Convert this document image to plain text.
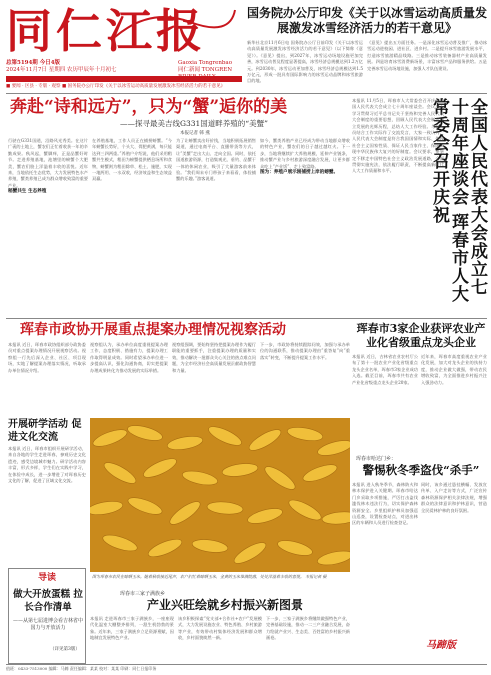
同仁江报
总第5194期 今日4版
2024年11月7日 星期四 农历甲辰年十月初七
Gaoxia Tongrenbao
同仁新闻 TONGREN
■ 要闻 · 区县 · 专版 · 观察 ■ 国务院办公厅印发《关于以冰雪运动高质量发展激发冰雪经济活力的若干意见》
国务院办公厅印发《关于以冰雪运动高质量发展激发冰雪经济活力的若干意见》
新华社北京11月6日电 国务院办公厅日前印发《关于以冰雪运动高质量发展激发冰雪经济活力的若干意见》（以下简称《意见》）。《意见》提出，到2027年，冰雪运动场地设施更加完善，冰雪运动普及程度显著提高，冰雪经济总规模达到1.2万亿元。到2030年，冰雪运动更加普及，冰雪经济总规模达到1.5万亿元，形成一批具有国际影响力的冰雪运动品牌和冰雪旅游目的地。
《意见》提出五方面任务。一是深化冰雪运动普及推广，推动冰雪运动进校园、进社区、进乡村。二是提升冰雪旅游发展水平，打造冰雪旅游精品线路。三是推动冰雪装备器材产业高质量发展。四是培育冰雪消费新场景，丰富冰雪产品和服务供给。五是完善冰雪运动场地设施，加强人才队伍建设。
奔赴“诗和远方”，只为“蟹”逅你的美
——探寻最美吉线G331国道畔养殖的“美蟹”
本报记者 韩 燕
行驶在G331国道，沿路风光秀美。在这片广袤的土地上，蟹农们正忙着收获一年的辛勤成果。秋风起，蟹脚痒，正是品蟹好时节。走进养殖基地，池塘里的螃蟹个大肥美，蟹农们脸上洋溢着丰收的喜悦。近年来，当地依托生态优势，大力发展特色水产养殖，蟹类养殖已成为群众增收致富的重要产业。
稻蟹共生 生态养殖
在养殖基地，工作人员正在捕捞螃蟹。“今年螃蟹长势好，个头大、膏肥黄满，每只能达到三四两重。”养殖户介绍说，他们采用稻蟹共生模式，稻田为螃蟹提供栖息场所和食物，螃蟹则为稻田除草、松土、施肥，实现一地两用、一水双收，经济效益和生态效益双赢。
为了让螃蟹卖出好价钱，当地积极拓展销售渠道，通过电商平台、直播带货等方式，让“美蟹”走出大山、走向全国。同时，依托国道旅游资源，打造集观光、垂钓、品蟹于一体的休闲农业，吸引了大量游客前来体验。“我们周末专门带孩子来看看，体验捕蟹的乐趣。”游客说道。
如今，蟹类养殖产业已经成为带动当地群众增收的特色产业，蟹农们的日子越过越红火。下一步，当地将继续扩大养殖规模，延伸产业链条，推动蟹产业与乡村旅游深度融合发展，让更多群众吃上“产业饭”、走上致富路。
图为：养殖户展示刚捕捞上岸的螃蟹。	全国人民代表大会成立七十周年座谈会 珲春市人大常委会召开庆祝
本报讯 11月5日，珲春市人大常委会召开庆祝全国人民代表大会成立七十周年座谈会。会议深入学习贯彻习近平总书记关于坚持和完善人民代表大会制度的重要思想，回顾人民代表大会制度建立发展的光辉历程，总结人大工作经验。与会人员结合工作实际作了交流发言，大家一致认为，人民代表大会制度是符合我国国情和实际、体现社会主义国家性质、保证人民当家作主、保障实现中华民族伟大复兴的好制度。会议要求，要坚定不移走中国特色社会主义政治发展道路，全面贯彻实施宪法，依法履行职责，不断提高新时代人大工作质量和水平。
珲春市政协开展重点提案办理情况视察活动
本报讯 近日，珲春市政协组织部分政协委员对重点提案办理情况开展视察活动。视察组一行先后深入企业、社区、项目现场，实地了解提案办理落实情况，听取承办单位情况介绍。
视察组认为，承办单位高度重视提案办理工作，态度积极、措施有力，提案办理工作取得明显成效。同时希望承办单位进一步提高认识，强化沟通协商，切实把提案办理成果转化为推动发展的实际举措。
视察组强调，要始终坚持把提案办理作为履行职能的重要抓手，注重提案办理的质量和实效，推动解决一批群众关心关注的热点难点问题，为全市经济社会高质量发展贡献政协智慧和力量。
下一步，市政协将持续跟踪问效，加强与承办单位的沟通联系，推动提案办理由“重答复”向“重落实”转变，不断提升提案工作水平。
珲春市3家企业获评农业产业化省级重点龙头企业
本报讯 近日，吉林省农业农村厅公布了第十一批农业产业化省级重点龙头企业名单，珲春市3家企业成功入选。截至目前，珲春市共有农业产业化省级重点龙头企业20家。
近年来，珲春市高度重视农业产业化发展，加大对龙头企业的扶持力度，推动企业做大做强，带动农民增收致富，为全面推进乡村振兴注入强劲动力。
开展研学活动 促进文化交流
本报讯 近日，珲春市组织开展研学活动，来自各地的学生走进珲春，参观历史文化遗迹，感受边境城市魅力。研学活动内容丰富，形式多样，学生们在实践中学习，在体验中成长，进一步增进了对珲春历史文化的了解，促进了区域文化交流。
导读
做大开放蛋糕 拉长合作清单
——从第七届进博会看吉林省中国力与开放活力
（详见第3版）
图为珲春市农民在晾晒玉米。随着秋收接近尾声，农户们忙着晾晒玉米，金黄的玉米堆满院落，处处洋溢着丰收的喜悦。 本报记者 摄
珲春市三家子满族乡
产业兴旺绘就乡村振兴新图景
本报讯 走进珲春市三家子满族乡，一座座现代化温室大棚整齐排列，一派生机勃勃的景象。近年来，三家子满族乡立足资源禀赋，因地制宜发展特色产业。
该乡积极探索“党支部+合作社+农户”发展模式，大力发展设施农业、特色养殖、乡村旅游等产业，有效带动村集体经济发展和群众增收，乡村面貌焕然一新。
下一步，三家子满族乡将继续做强特色产业，完善基础设施，推动一二三产业融合发展，奋力绘就产业兴、生态美、百姓富的乡村振兴新画卷。
珲春市哈达门乡：
警惕秋冬季盗伐“杀手”
本报讯 进入秋冬季节，森林防火和林木保护进入关键期。珲春市哈达门乡采取多项措施，严厉打击盗伐滥伐林木违法行为，切实保护森林资源安全。乡里组织护林员加强巡山巡查，设置检查站点，对进出林区的车辆和人员进行检查登记。
同时，该乡通过悬挂横幅、发放宣传单、入户走访等方式，广泛宣传森林资源保护相关法律法规，增强群众的法律意识和护林意识，营造全民爱林护林的良好氛围。
马蹄版
值班：0433-7513000 编辑：马蹄 责任编辑：某某 校对：某某 印刷：同仁日报印务
